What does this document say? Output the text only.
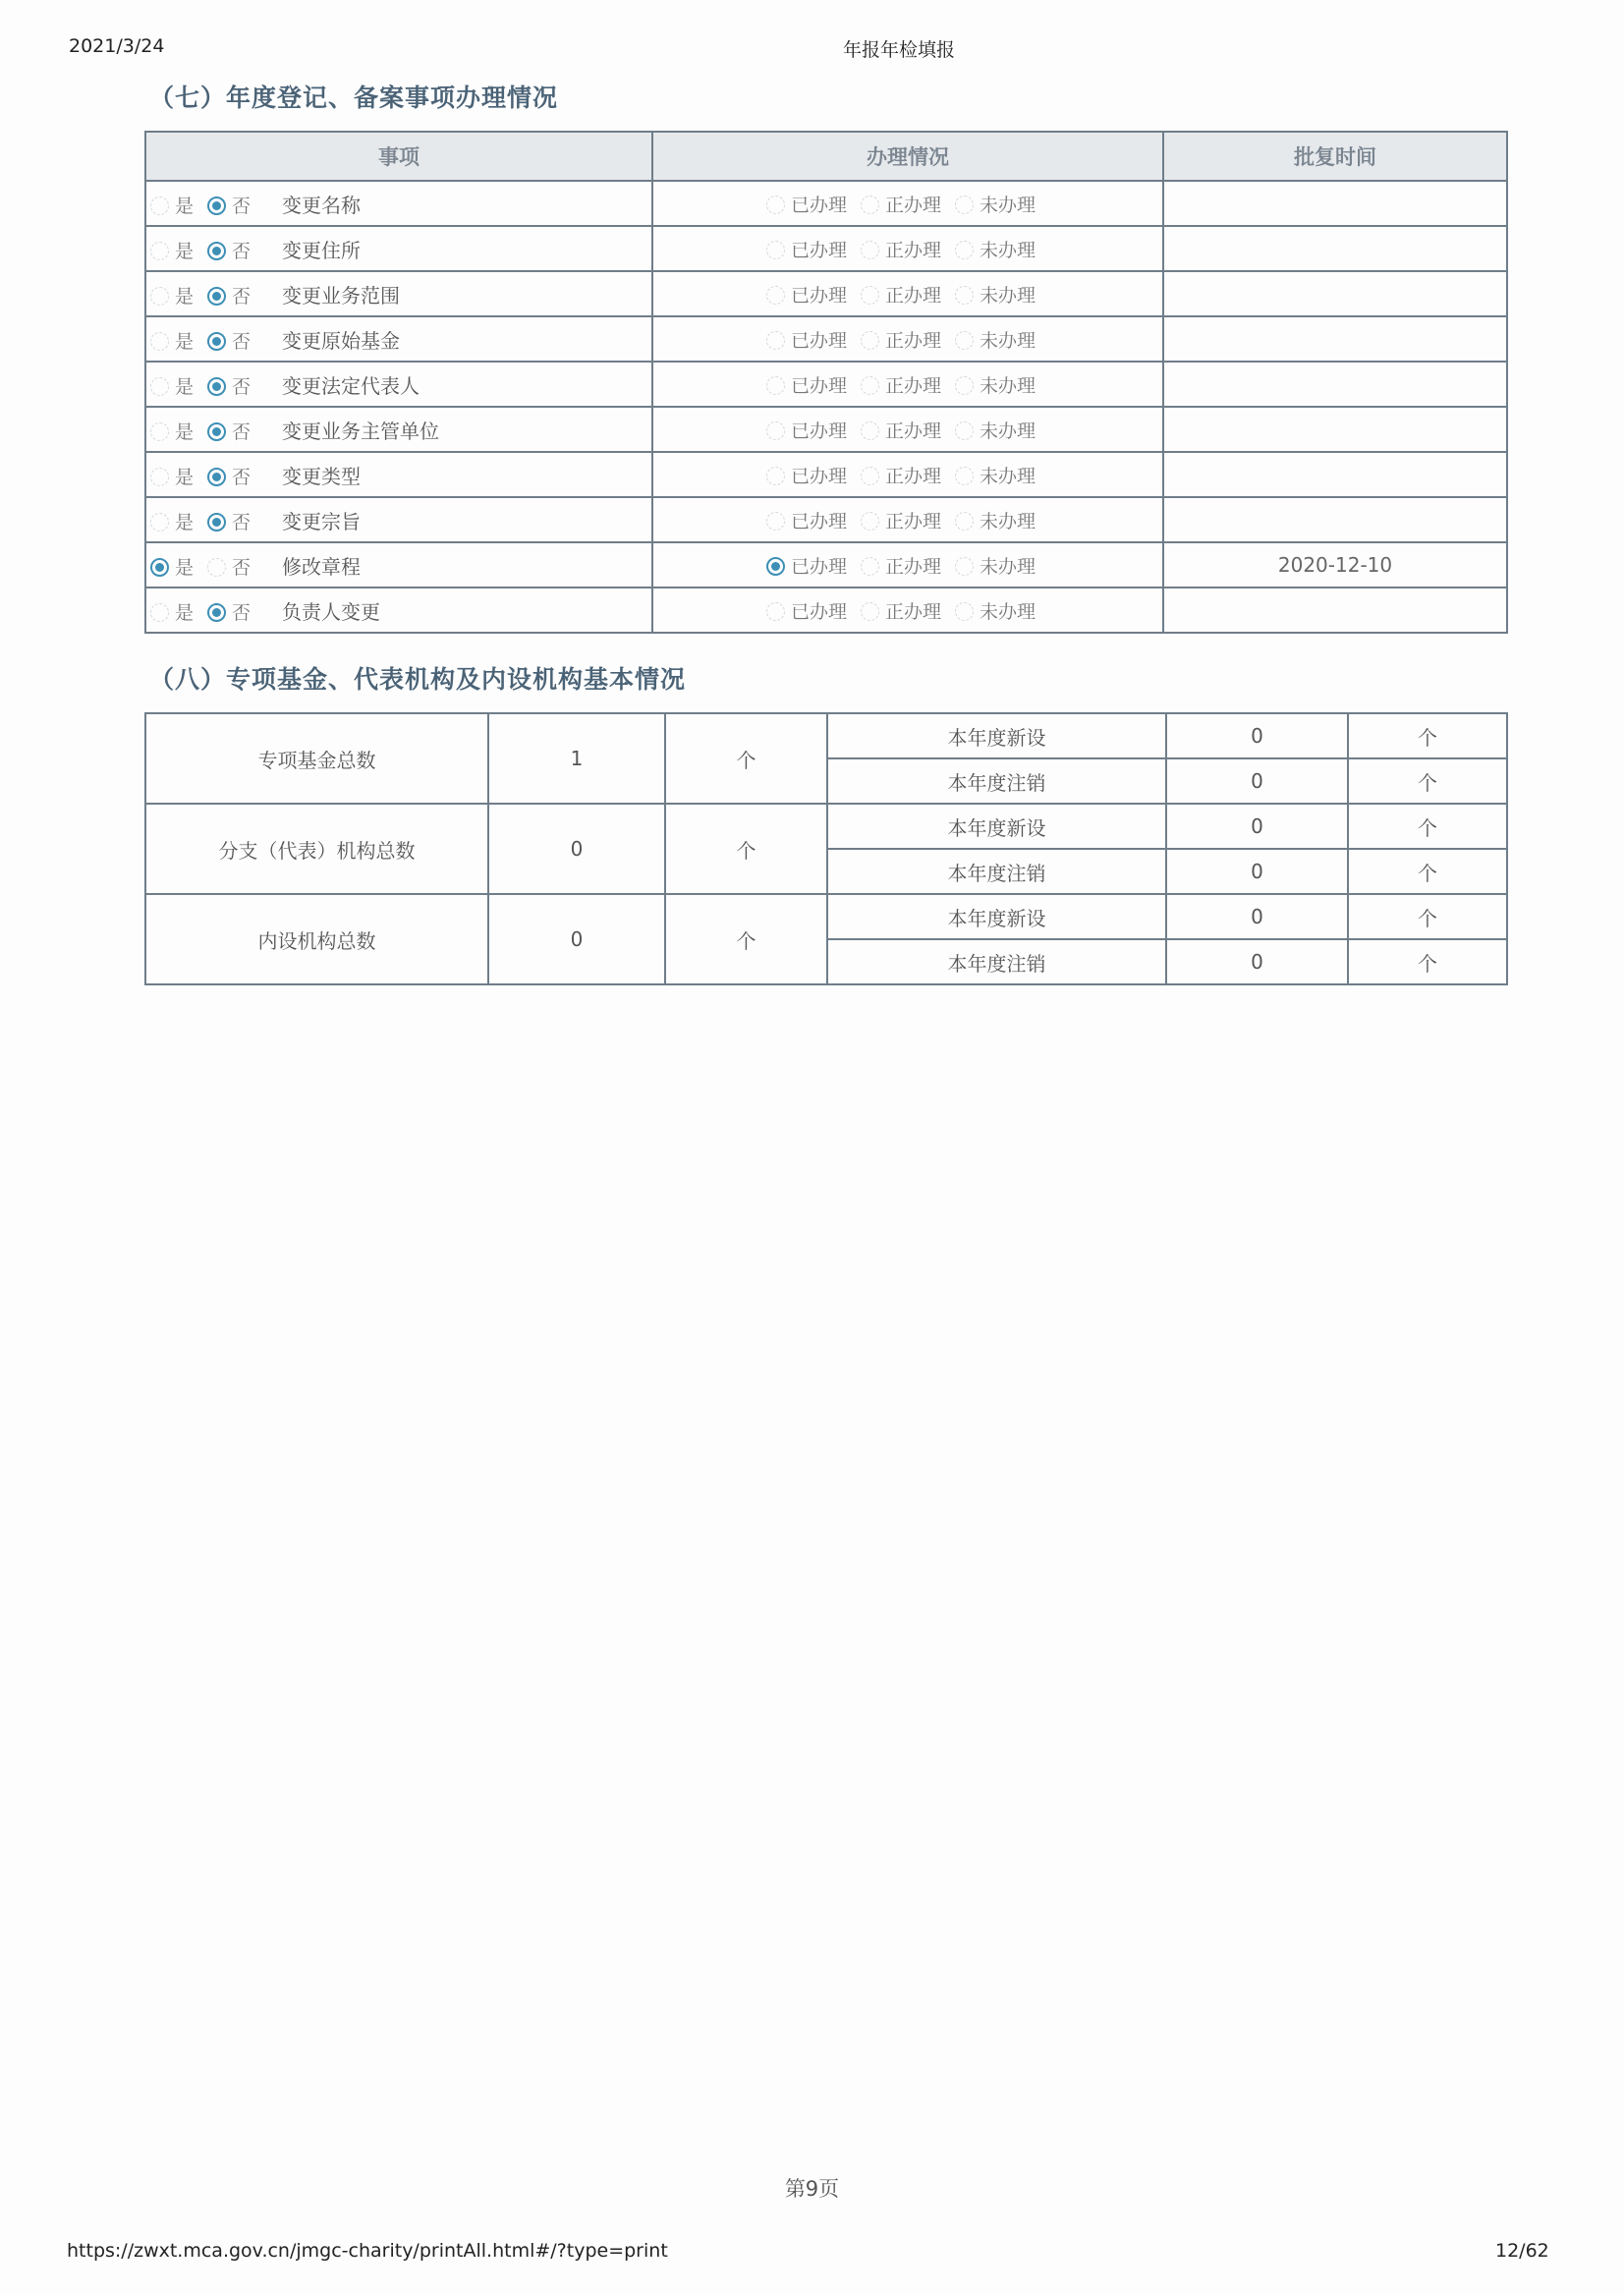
2021/3/24	年报年检填报
（七）年度登记、备案事项办理情况
事项	办理情况	批复时间
是 否 变更名称	已办理 正办理 未办理	
是 否 变更住所	已办理 正办理 未办理	
是 否 变更业务范围	已办理 正办理 未办理	
是 否 变更原始基金	已办理 正办理 未办理	
是 否 变更法定代表人	已办理 正办理 未办理	
是 否 变更业务主管单位	已办理 正办理 未办理	
是 否 变更类型	已办理 正办理 未办理	
是 否 变更宗旨	已办理 正办理 未办理	
是 否 修改章程	已办理 正办理 未办理	2020-12-10
是 否 负责人变更	已办理 正办理 未办理	
（八）专项基金、代表机构及内设机构基本情况
专项基金总数	1	个	本年度新设	0	个
			本年度注销	0	个
分支（代表）机构总数	0	个	本年度新设	0	个
			本年度注销	0	个
内设机构总数	0	个	本年度新设	0	个
			本年度注销	0	个
第9页
https://zwxt.mca.gov.cn/jmgc-charity/printAll.html#/?type=print	12/62
